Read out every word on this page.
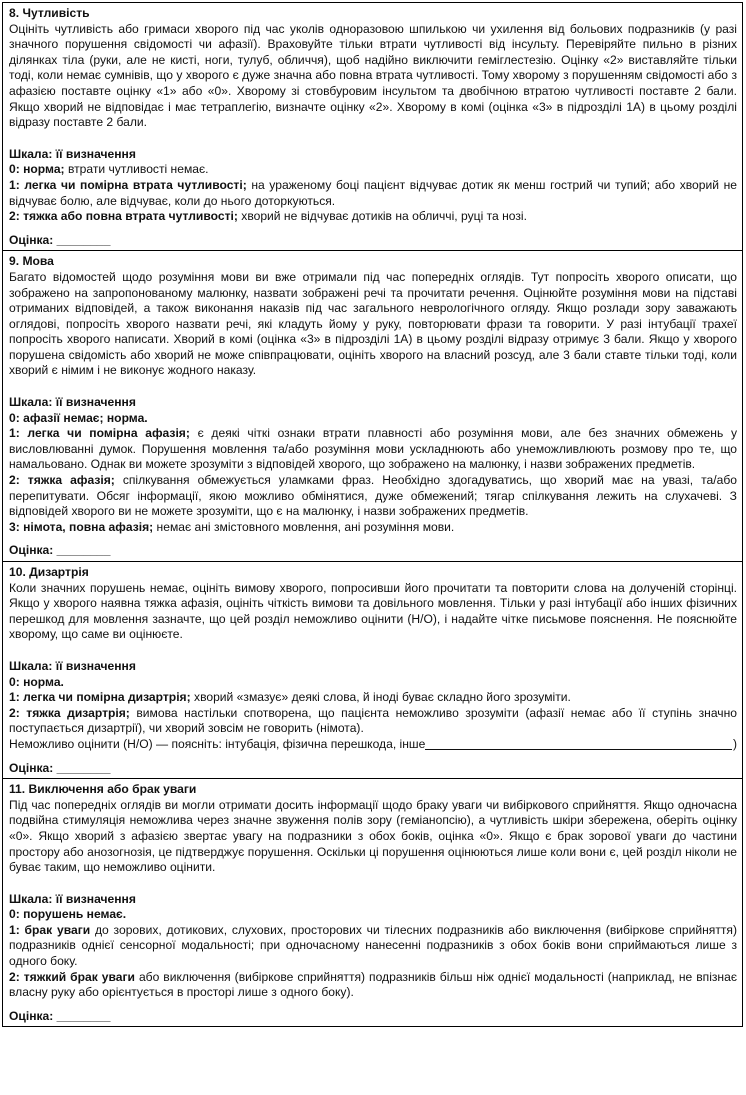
8. Чутливість

Оцініть чутливість або гримаси хворого під час уколів одноразовою шпилькою чи ухилення від больових подразників (у разі значного порушення свідомості чи афазії). Враховуйте тільки втрати чутливості від інсульту. Перевіряйте пильно в різних ділянках тіла (руки, але не кисті, ноги, тулуб, обличчя), щоб надійно виключити геміглестезію. Оцінку «2» виставляйте тільки тоді, коли немає сумнівів, що у хворого є дуже значна або повна втрата чутливості. Тому хворому з порушенням свідомості або з афазією поставте оцінку «1» або «0». Хворому зі стовбуровим інсультом та двобічною втратою чутливості поставте 2 бали. Якщо хворий не відповідає і має тетраплегію, визначте оцінку «2». Хворому в комі (оцінка «3» в підрозділі 1А) в цьому розділі відразу поставте 2 бали.

Шкала: її визначення
0: норма; втрати чутливості немає.
1: легка чи помірна втрата чутливості; на ураженому боці пацієнт відчуває дотик як менш гострий чи тупий; або хворий не відчуває болю, але відчуває, коли до нього доторкуються.
2: тяжка або повна втрата чутливості; хворий не відчуває дотиків на обличчі, руці та нозі.
Оцінка: ________
9. Мова

Багато відомостей щодо розуміння мови ви вже отримали під час попередніх оглядів. Тут попросіть хворого описати, що зображено на запропонованому малюнку, назвати зображені речі та прочитати речення. Оцінюйте розуміння мови на підставі отриманих відповідей, а також виконання наказів під час загального неврологічного огляду. Якщо розлади зору заважають оглядові, попросіть хворого назвати речі, які кладуть йому у руку, повторювати фрази та говорити. У разі інтубації трахеї попросіть хворого написати. Хворий в комі (оцінка «3» в підрозділі 1А) в цьому розділі відразу отримує 3 бали. Якщо у хворого порушена свідомість або хворий не може співпрацювати, оцініть хворого на власний розсуд, але 3 бали ставте тільки тоді, коли хворий є німим і не виконує жодного наказу.

Шкала: її визначення
0: афазії немає; норма.
1: легка чи помірна афазія; є деякі чіткі ознаки втрати плавності або розуміння мови, але без значних обмежень у висловлюванні думок. Порушення мовлення та/або розуміння мови ускладнюють або унеможливлюють розмову про те, що намальовано. Однак ви можете зрозуміти з відповідей хворого, що зображено на малюнку, і назви зображених предметів.
2: тяжка афазія; спілкування обмежується уламками фраз. Необхідно здогадуватись, що хворий має на увазі, та/або перепитувати. Обсяг інформації, якою можливо обмінятися, дуже обмежений; тягар спілкування лежить на слухачеві. З відповідей хворого ви не можете зрозуміти, що є на малюнку, і назви зображених предметів.
3: німота, повна афазія; немає ані змістовного мовлення, ані розуміння мови.
Оцінка: ________
10. Дизартрія

Коли значних порушень немає, оцініть вимову хворого, попросивши його прочитати та повторити слова на долученій сторінці. Якщо у хворого наявна тяжка афазія, оцініть чіткість вимови та довільного мовлення. Тільки у разі інтубації або інших фізичних перешкод для мовлення зазначте, що цей розділ неможливо оцінити (Н/О), і надайте чітке письмове пояснення. Не пояснюйте хворому, що саме ви оцінюєте.

Шкала: її визначення
0: норма.
1: легка чи помірна дизартрія; хворий «змазує» деякі слова, й іноді буває складно його зрозуміти.
2: тяжка дизартрія; вимова настільки спотворена, що пацієнта неможливо зрозуміти (афазії немає або її ступінь значно поступається дизартрії), чи хворий зовсім не говорить (німота).
Неможливо оцінити (Н/О) — поясніть: інтубація, фізична перешкода, інше	)
Оцінка: ________
11. Виключення або брак уваги

Під час попередніх оглядів ви могли отримати досить інформації щодо браку уваги чи вибіркового сприйняття. Якщо одночасна подвійна стимуляція неможлива через значне звуження полів зору (геміанопсію), а чутливість шкіри збережена, оберіть оцінку «0». Якщо хворий з афазією звертає увагу на подразники з обох боків, оцінка «0». Якщо є брак зорової уваги до частини простору або анозогнозія, це підтверджує порушення. Оскільки ці порушення оцінюються лише коли вони є, цей розділ ніколи не буває таким, що неможливо оцінити.

Шкала: її визначення
0: порушень немає.
1: брак уваги до зорових, дотикових, слухових, просторових чи тілесних подразників або виключення (вибіркове сприйняття) подразників однієї сенсорної модальності; при одночасному нанесенні подразників з обох боків вони сприймаються лише з одного боку.
2: тяжкий брак уваги або виключення (вибіркове сприйняття) подразників більш ніж однієї модальності (наприклад, не впізнає власну руку або орієнтується в просторі лише з одного боку).
Оцінка: ________
